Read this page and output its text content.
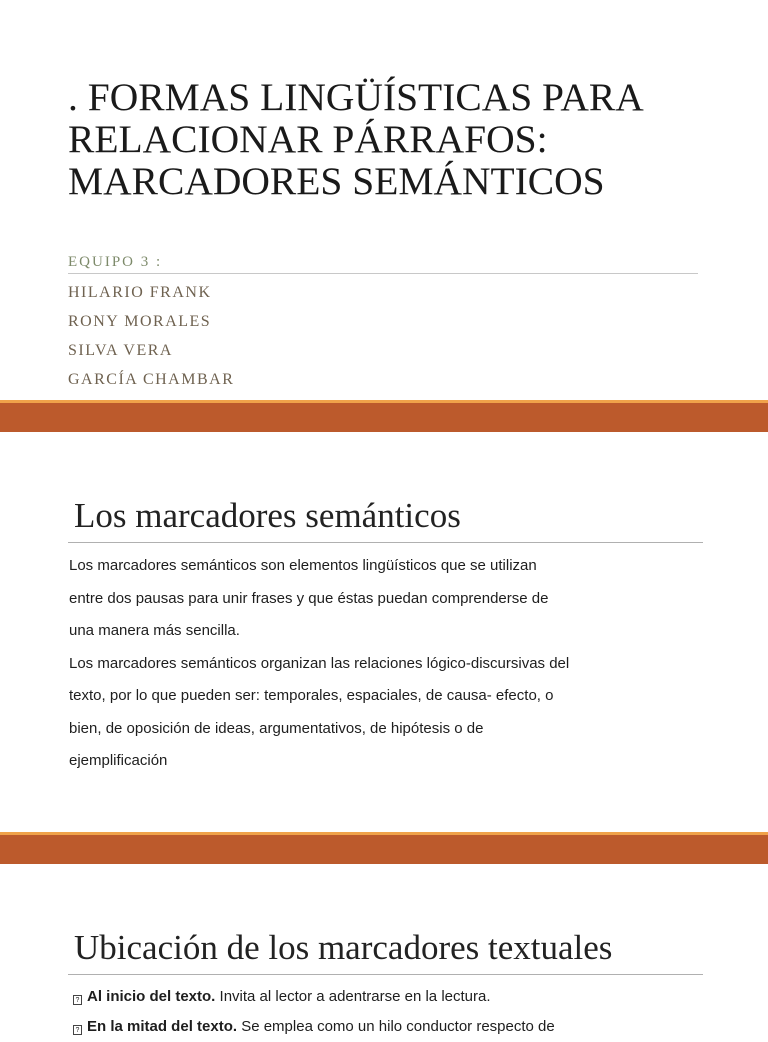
. FORMAS LINGÜÍSTICAS PARA
RELACIONAR PÁRRAFOS:
MARCADORES SEMÁNTICOS
EQUIPO 3 :
HILARIO FRANK
RONY MORALES
SILVA VERA
GARCÍA CHAMBAR
Los marcadores semánticos

Los marcadores semánticos son elementos lingüísticos que se utilizan

entre dos pausas para unir frases y que éstas puedan comprenderse de

una manera más sencilla.

Los marcadores semánticos organizan las relaciones lógico-discursivas del

texto, por lo que pueden ser: temporales, espaciales, de causa- efecto, o

bien, de oposición de ideas, argumentativos, de hipótesis o de

ejemplificación

Ubicación de los marcadores textuales
? Al inicio del texto. Invita al lector a adentrarse en la lectura.
? En la mitad del texto. Se emplea como un hilo conductor respecto de
